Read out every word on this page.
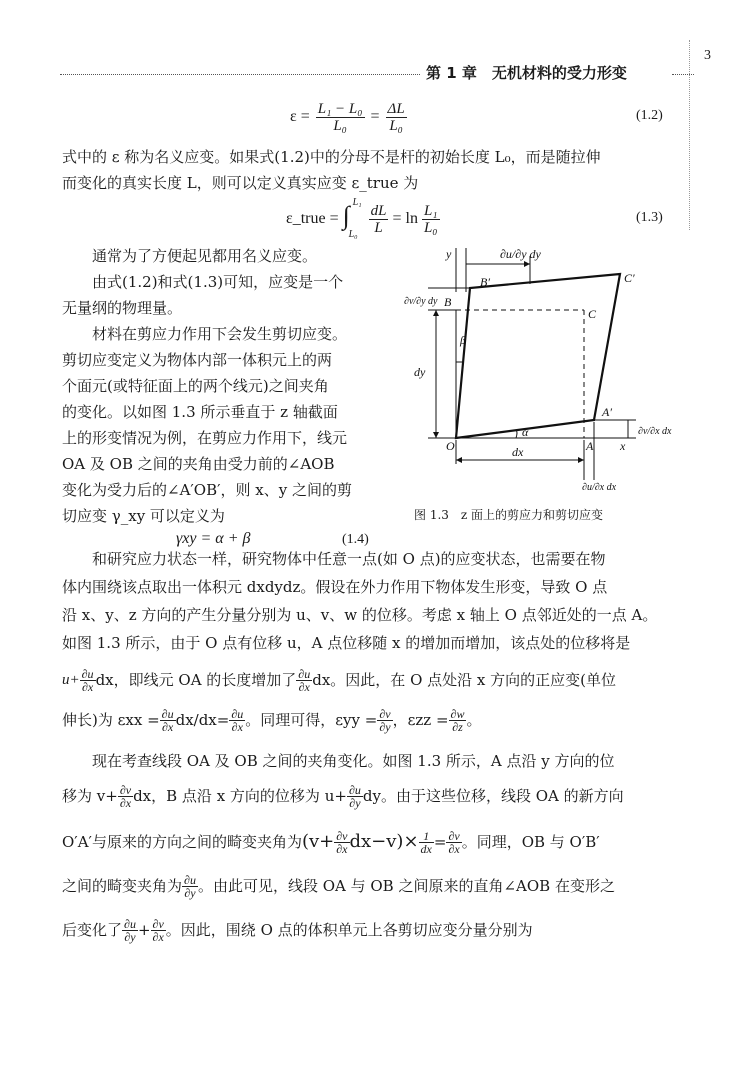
第 1 章　无机材料的受力形变
3
$\varepsilon = \frac{\text{L₁ − L₀}}{\text{L₀}} = \frac{\Delta L}{\text{L₀}}$	(1.2)
式中的 ε 称为名义应变。如果式(1.2)中的分母不是杆的初始长度 L₀，而是随拉伸
而变化的真实长度 L，则可以定义真实应变 ε_true 为
ε_true = ∫ L₁
$L_0 \frac{dL}{L} = \ln \frac{\text{L₁}}{\text{L₀}}$	(1.3)
通常为了方便起见都用名义应变。
由式(1.2)和式(1.3)可知，应变是一个
无量纲的物理量。
材料在剪应力作用下会发生剪切应变。
剪切应变定义为物体内部一体积元上的两
个面元(或特征面上的两个线元)之间夹角
的变化。以如图 1.3 所示垂直于 z 轴截面
上的形变情况为例，在剪应力作用下，线元
OA 及 OB 之间的夹角由受力前的∠AOB
变化为受力后的∠A′OB′，则 x、y 之间的剪
切应变 γ_xy 可以定义为
γxy = α + β	(1.4)
y	∂u/∂y dy
B′	C′
B
C
β
∂v/∂y dy
dy
A′
α
O	A x
dx
∂u/∂x dx
∂v/∂x dx
图 1.3　z 面上的剪应力和剪切应变
和研究应力状态一样，研究物体中任意一点(如 O 点)的应变状态，也需要在物
体内围绕该点取出一体积元 dxdydz。假设在外力作用下物体发生形变，导致 O 点
沿 x、y、z 方向的产生分量分别为 u、v、w 的位移。考虑 x 轴上 O 点邻近处的一点 A。
如图 1.3 所示，由于 O 点有位移 u，A 点位移随 x 的增加而增加，该点处的位移将是
$u+ \frac{\partial u}{\partial x}$ dx，即线元 OA 的长度增加了 $\frac{\partial u}{\partial x}$ dx。因此，在 O 点处沿 x 方向的正应变(单位
伸长)为 $\varepsilon xx = \frac{\partial u}{\partial x} dx/dx= \frac{\partial u}{\partial x}$ 。同理可得，$\varepsilon yy = \frac{\partial v}{\partial y}$ ，$\varepsilon zz = \frac{\partial w}{\partial z}$ 。
现在考查线段 OA 及 OB 之间的夹角变化。如图 1.3 所示，A 点沿 y 方向的位
移为 $v+ \frac{\partial v}{\partial x}$ dx，B 点沿 x 方向的位移为 $u+ \frac{\partial u}{\partial y}$ dy。由于这些位移，线段 OA 的新方向
O′A′与原来的方向之间的畸变夹角为 $(v+ \frac{\partial v}{\partial x} dx-v)\times \frac{1}{dx} = \frac{\partial v}{\partial x}$ 。同理，OB 与 O′B′
之间的畸变夹角为 $\frac{\partial u}{\partial y}$ 。由此可见，线段 OA 与 OB 之间原来的直角∠AOB 在变形之
后变化了 $\frac{\partial u}{\partial y} + \frac{\partial v}{\partial x}$ 。因此，围绕 O 点的体积单元上各剪切应变分量分别为
